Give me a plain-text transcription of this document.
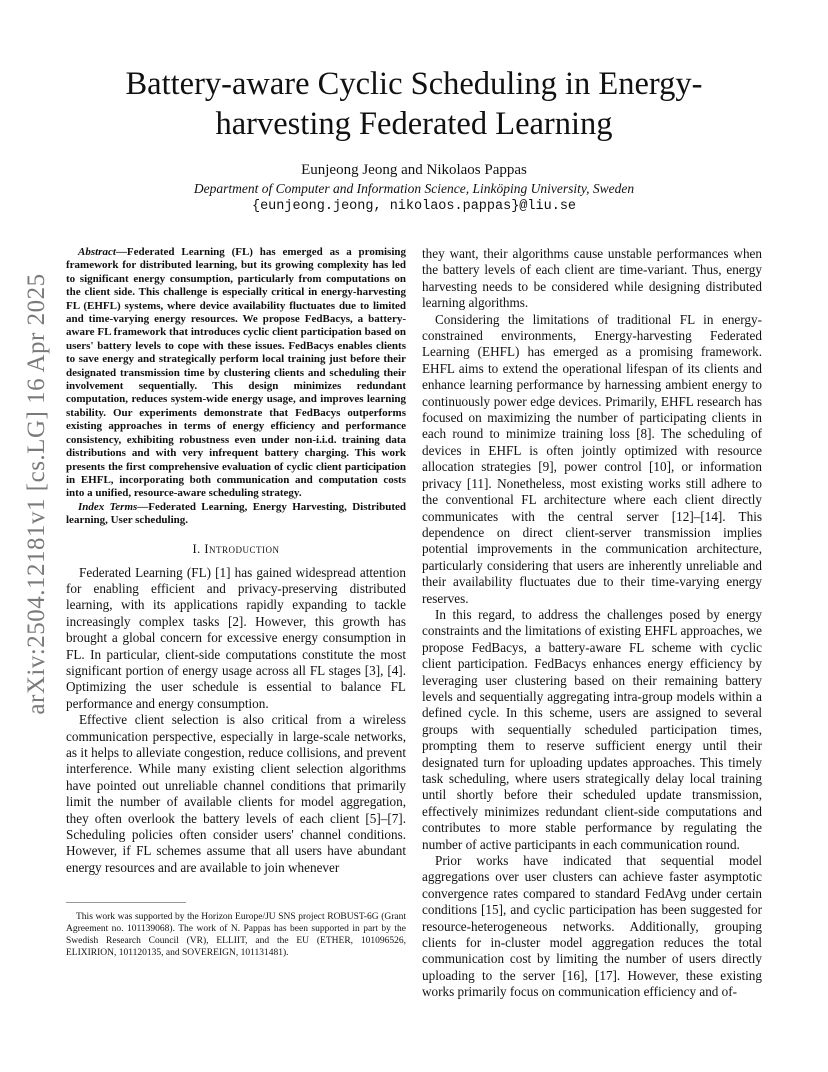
arXiv:2504.12181v1 [cs.LG] 16 Apr 2025
Battery-aware Cyclic Scheduling in Energy-harvesting Federated Learning
Eunjeong Jeong and Nikolaos Pappas
Department of Computer and Information Science, Linköping University, Sweden
{eunjeong.jeong, nikolaos.pappas}@liu.se

Abstract—Federated Learning (FL) has emerged as a promising framework for distributed learning, but its growing complexity has led to significant energy consumption, particularly from computations on the client side. This challenge is especially critical in energy-harvesting FL (EHFL) systems, where device availability fluctuates due to limited and time-varying energy resources. We propose FedBacys, a battery-aware FL framework that introduces cyclic client participation based on users' battery levels to cope with these issues. FedBacys enables clients to save energy and strategically perform local training just before their designated transmission time by clustering clients and scheduling their involvement sequentially. This design minimizes redundant computation, reduces system-wide energy usage, and improves learning stability. Our experiments demonstrate that FedBacys outperforms existing approaches in terms of energy efficiency and performance consistency, exhibiting robustness even under non-i.i.d. training data distributions and with very infrequent battery charging. This work presents the first comprehensive evaluation of cyclic client participation in EHFL, incorporating both communication and computation costs into a unified, resource-aware scheduling strategy.

Index Terms—Federated Learning, Energy Harvesting, Distributed learning, User scheduling.

I. Introduction

Federated Learning (FL) [1] has gained widespread attention for enabling efficient and privacy-preserving distributed learning, with its applications rapidly expanding to tackle increasingly complex tasks [2]. However, this growth has brought a global concern for excessive energy consumption in FL. In particular, client-side computations constitute the most significant portion of energy usage across all FL stages [3], [4]. Optimizing the user schedule is essential to balance FL performance and energy consumption.

Effective client selection is also critical from a wireless communication perspective, especially in large-scale networks, as it helps to alleviate congestion, reduce collisions, and prevent interference. While many existing client selection algorithms have pointed out unreliable channel conditions that primarily limit the number of available clients for model aggregation, they often overlook the battery levels of each client [5]–[7]. Scheduling policies often consider users' channel conditions. However, if FL schemes assume that all users have abundant energy resources and are available to join whenever

This work was supported by the Horizon Europe/JU SNS project ROBUST-6G (Grant Agreement no. 101139068). The work of N. Pappas has been supported in part by the Swedish Research Council (VR), ELLIIT, and the EU (ETHER, 101096526, ELIXIRION, 101120135, and SOVEREIGN, 101131481).

they want, their algorithms cause unstable performances when the battery levels of each client are time-variant. Thus, energy harvesting needs to be considered while designing distributed learning algorithms.

Considering the limitations of traditional FL in energy-constrained environments, Energy-harvesting Federated Learning (EHFL) has emerged as a promising framework. EHFL aims to extend the operational lifespan of its clients and enhance learning performance by harnessing ambient energy to continuously power edge devices. Primarily, EHFL research has focused on maximizing the number of participating clients in each round to minimize training loss [8]. The scheduling of devices in EHFL is often jointly optimized with resource allocation strategies [9], power control [10], or information privacy [11]. Nonetheless, most existing works still adhere to the conventional FL architecture where each client directly communicates with the central server [12]–[14]. This dependence on direct client-server transmission implies potential improvements in the communication architecture, particularly considering that users are inherently unreliable and their availability fluctuates due to their time-varying energy reserves.

In this regard, to address the challenges posed by energy constraints and the limitations of existing EHFL approaches, we propose FedBacys, a battery-aware FL scheme with cyclic client participation. FedBacys enhances energy efficiency by leveraging user clustering based on their remaining battery levels and sequentially aggregating intra-group models within a defined cycle. In this scheme, users are assigned to several groups with sequentially scheduled participation times, prompting them to reserve sufficient energy until their designated turn for uploading updates approaches. This timely task scheduling, where users strategically delay local training until shortly before their scheduled update transmission, effectively minimizes redundant client-side computations and contributes to more stable performance by regulating the number of active participants in each communication round.

Prior works have indicated that sequential model aggregations over user clusters can achieve faster asymptotic convergence rates compared to standard FedAvg under certain conditions [15], and cyclic participation has been suggested for resource-heterogeneous networks. Additionally, grouping clients for in-cluster model aggregation reduces the total communication cost by limiting the number of users directly uploading to the server [16], [17]. However, these existing works primarily focus on communication efficiency and of-
